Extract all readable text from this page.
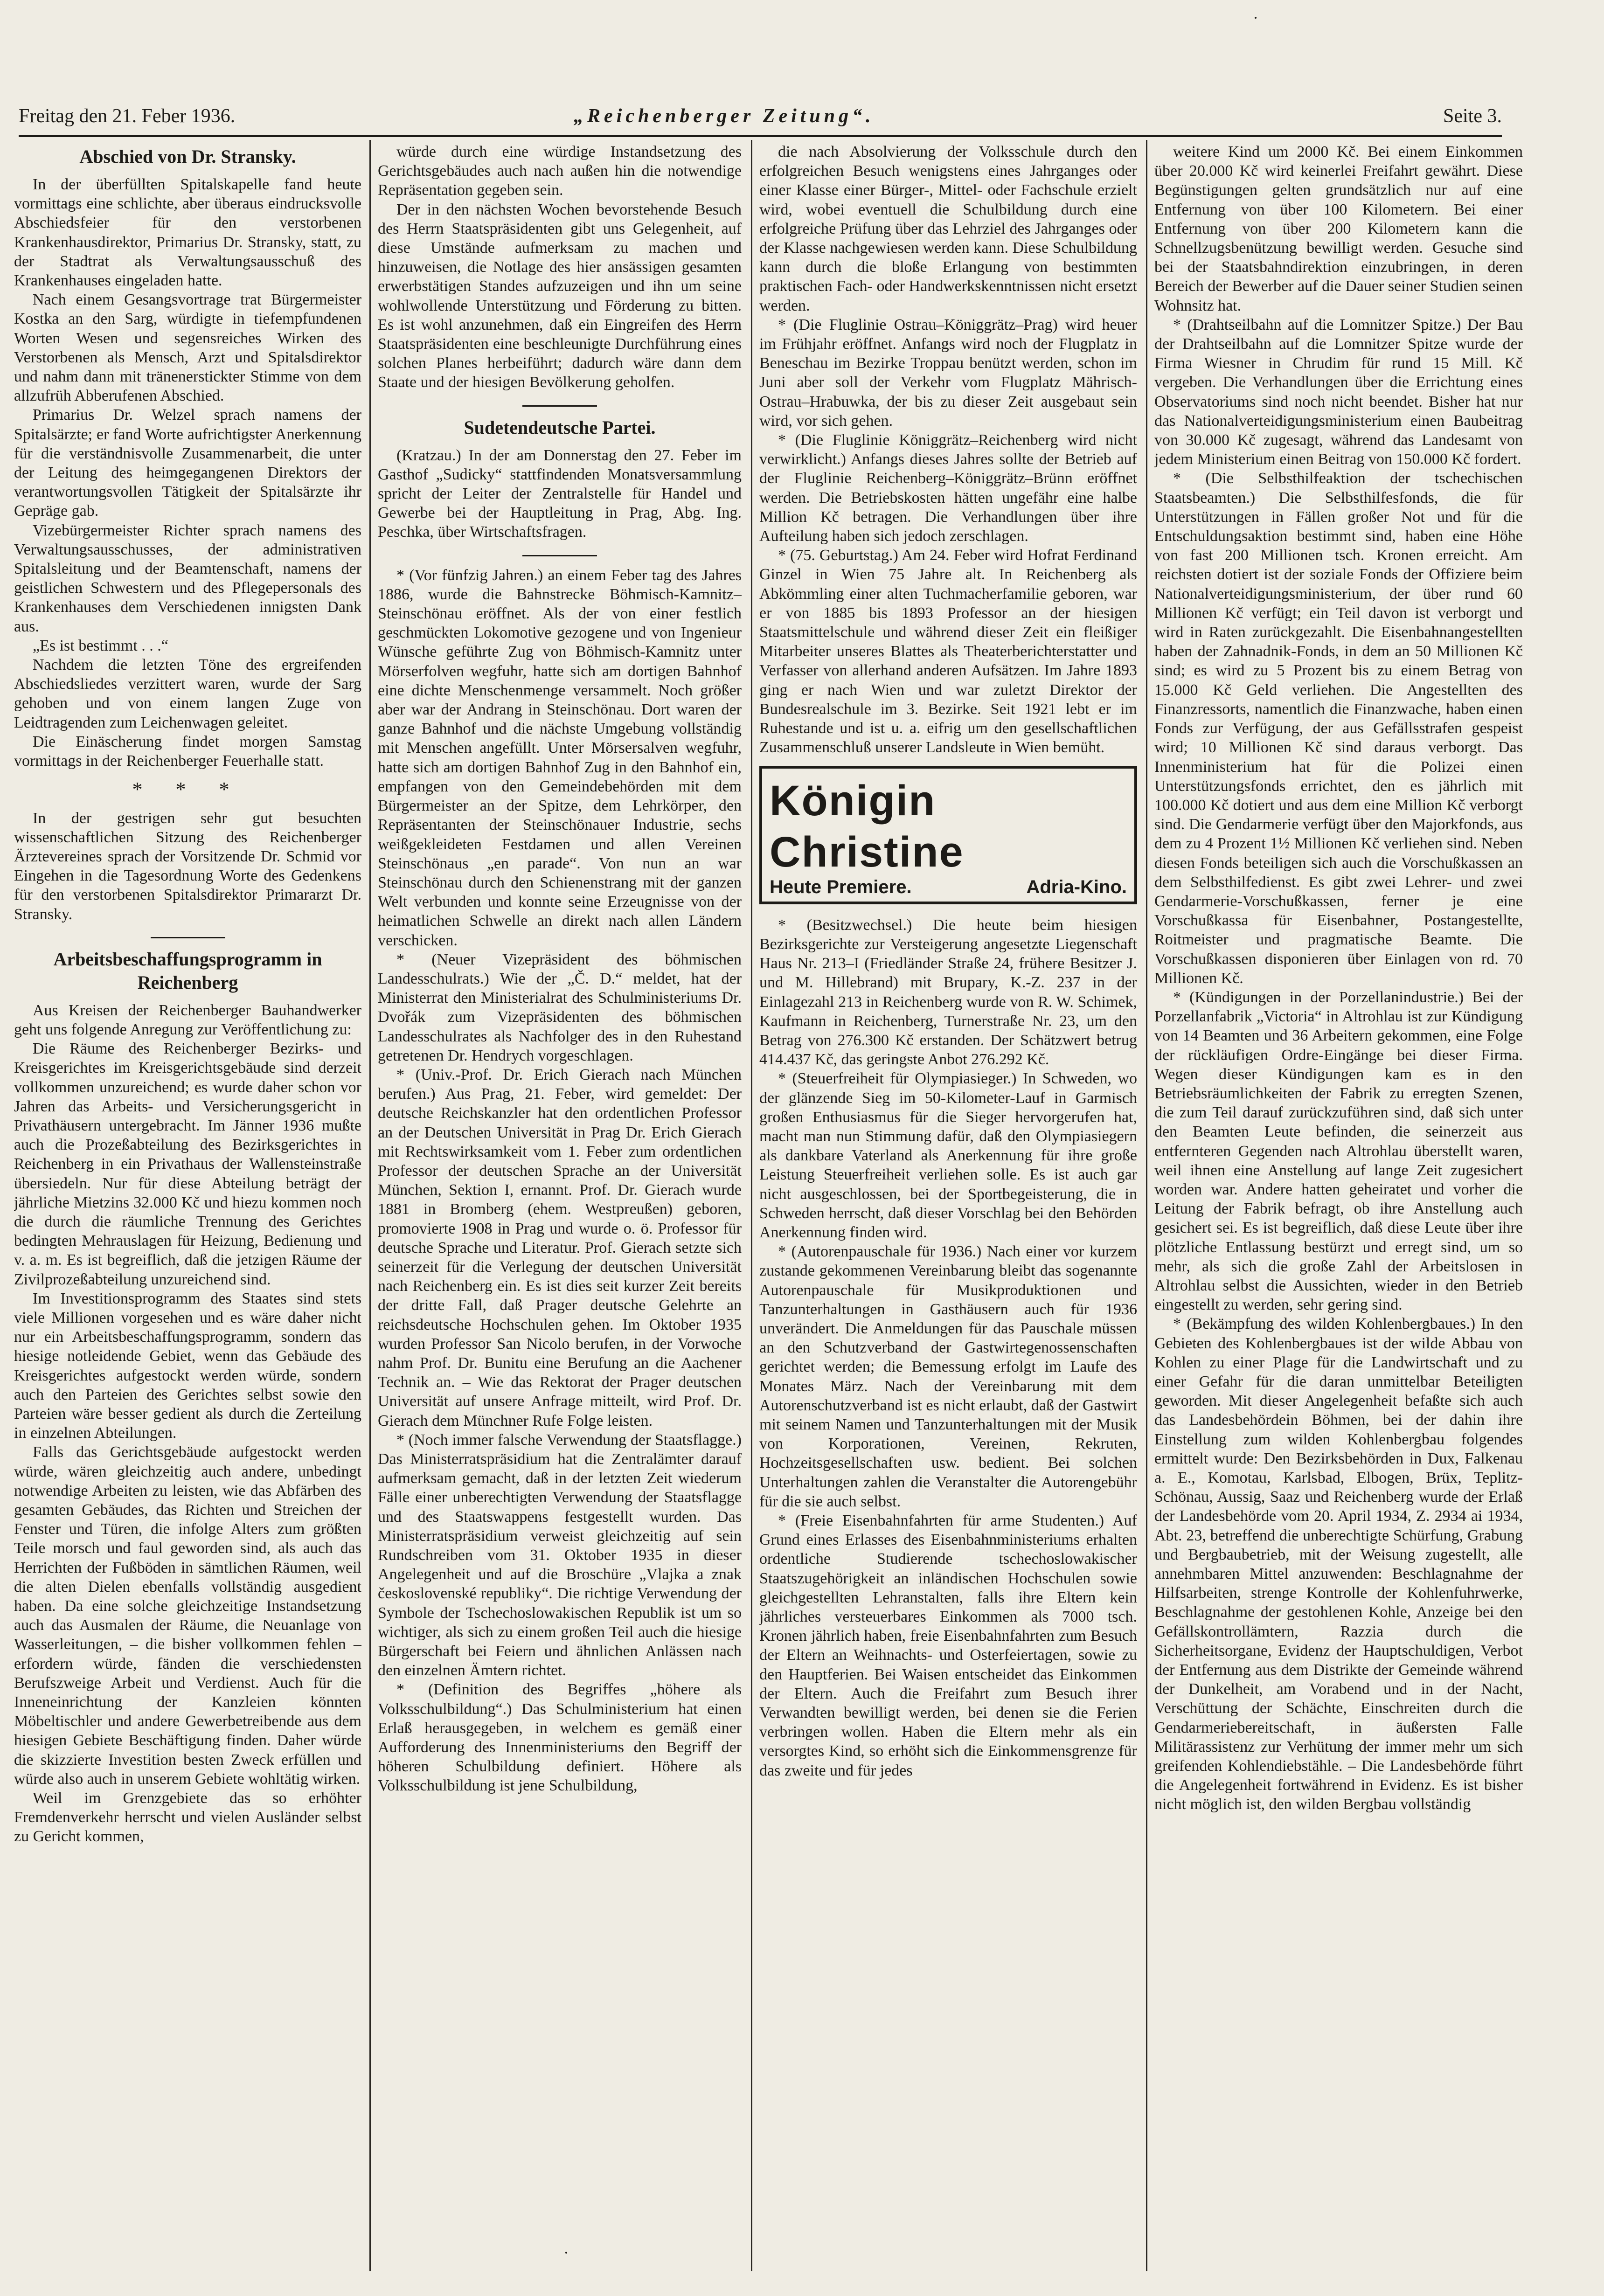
Freitag den 21. Feber 1936.	„Reichenberger Zeitung“.	Seite 3.

Abschied von Dr. Stransky.

In der überfüllten Spitalskapelle fand heute vormittags eine schlichte, aber überaus eindrucksvolle Abschiedsfeier für den verstorbenen Krankenhausdirektor, Primarius Dr. Stransky, statt, zu der Stadtrat als Verwaltungsausschuß des Krankenhauses eingeladen hatte.

Nach einem Gesangsvortrage trat Bürgermeister Kostka an den Sarg, würdigte in tiefempfundenen Worten Wesen und segensreiches Wirken des Verstorbenen als Mensch, Arzt und Spitalsdirektor und nahm dann mit tränenerstickter Stimme von dem allzufrüh Abberufenen Abschied.

Primarius Dr. Welzel sprach namens der Spitalsärzte; er fand Worte aufrichtigster Anerkennung für die verständnisvolle Zusammenarbeit, die unter der Leitung des heimgegangenen Direktors der verantwortungsvollen Tätigkeit der Spitalsärzte ihr Gepräge gab.

Vizebürgermeister Richter sprach namens des Verwaltungsausschusses, der administrativen Spitalsleitung und der Beamtenschaft, namens der geistlichen Schwestern und des Pflegepersonals des Krankenhauses dem Verschiedenen innigsten Dank aus.

„Es ist bestimmt . . .“

Nachdem die letzten Töne des ergreifenden Abschiedsliedes verzittert waren, wurde der Sarg gehoben und von einem langen Zuge von Leidtragenden zum Leichenwagen geleitet.

Die Einäscherung findet morgen Samstag vormittags in der Reichenberger Feuerhalle statt.

* * *

In der gestrigen sehr gut besuchten wissenschaftlichen Sitzung des Reichenberger Ärztevereines sprach der Vorsitzende Dr. Schmid vor Eingehen in die Tagesordnung Worte des Gedenkens für den verstorbenen Spitalsdirektor Primararzt Dr. Stransky.

Arbeitsbeschaffungsprogramm in Reichenberg

Aus Kreisen der Reichenberger Bauhandwerker geht uns folgende Anregung zur Veröffentlichung zu:

Die Räume des Reichenberger Bezirks- und Kreisgerichtes im Kreisgerichtsgebäude sind derzeit vollkommen unzureichend; es wurde daher schon vor Jahren das Arbeits- und Versicherungsgericht in Privathäusern untergebracht. Im Jänner 1936 mußte auch die Prozeßabteilung des Bezirksgerichtes in Reichenberg in ein Privathaus der Wallensteinstraße übersiedeln. Nur für diese Abteilung beträgt der jährliche Mietzins 32.000 Kč und hiezu kommen noch die durch die räumliche Trennung des Gerichtes bedingten Mehrauslagen für Heizung, Bedienung und v. a. m. Es ist begreiflich, daß die jetzigen Räume der Zivilprozeßabteilung unzureichend sind.

Im Investitionsprogramm des Staates sind stets viele Millionen vorgesehen und es wäre daher nicht nur ein Arbeitsbeschaffungsprogramm, sondern das hiesige notleidende Gebiet, wenn das Gebäude des Kreisgerichtes aufgestockt werden würde, sondern auch den Parteien des Gerichtes selbst sowie den Parteien wäre besser gedient als durch die Zerteilung in einzelnen Abteilungen.

Falls das Gerichtsgebäude aufgestockt werden würde, wären gleichzeitig auch andere, unbedingt notwendige Arbeiten zu leisten, wie das Abfärben des gesamten Gebäudes, das Richten und Streichen der Fenster und Türen, die infolge Alters zum größten Teile morsch und faul geworden sind, als auch das Herrichten der Fußböden in sämtlichen Räumen, weil die alten Dielen ebenfalls vollständig ausgedient haben. Da eine solche gleichzeitige Instandsetzung auch das Ausmalen der Räume, die Neuanlage von Wasserleitungen, – die bisher vollkommen fehlen – erfordern würde, fänden die verschiedensten Berufszweige Arbeit und Verdienst. Auch für die Inneneinrichtung der Kanzleien könnten Möbeltischler und andere Gewerbetreibende aus dem hiesigen Gebiete Beschäftigung finden. Daher würde die skizzierte Investition besten Zweck erfüllen und würde also auch in unserem Gebiete wohltätig wirken.

Weil im Grenzgebiete das so erhöhter Fremdenverkehr herrscht und vielen Ausländer selbst zu Gericht kommen,

würde durch eine würdige Instandsetzung des Gerichtsgebäudes auch nach außen hin die notwendige Repräsentation gegeben sein.

Der in den nächsten Wochen bevorstehende Besuch des Herrn Staatspräsidenten gibt uns Gelegenheit, auf diese Umstände aufmerksam zu machen und hinzuweisen, die Notlage des hier ansässigen gesamten erwerbstätigen Standes aufzuzeigen und ihn um seine wohlwollende Unterstützung und Förderung zu bitten. Es ist wohl anzunehmen, daß ein Eingreifen des Herrn Staatspräsidenten eine beschleunigte Durchführung eines solchen Planes herbeiführt; dadurch wäre dann dem Staate und der hiesigen Bevölkerung geholfen.

Sudetendeutsche Partei.

(Kratzau.) In der am Donnerstag den 27. Feber im Gasthof „Sudicky“ stattfindenden Monatsversammlung spricht der Leiter der Zentralstelle für Handel und Gewerbe bei der Hauptleitung in Prag, Abg. Ing. Peschka, über Wirtschaftsfragen.

* (Vor fünfzig Jahren.) an einem Feber tag des Jahres 1886, wurde die Bahnstrecke Böhmisch-Kamnitz–Steinschönau eröffnet. Als der von einer festlich geschmückten Lokomotive gezogene und von Ingenieur Wünsche geführte Zug von Böhmisch-Kamnitz unter Mörserfolven wegfuhr, hatte sich am dortigen Bahnhof eine dichte Menschenmenge versammelt. Noch größer aber war der Andrang in Steinschönau. Dort waren der ganze Bahnhof und die nächste Umgebung vollständig mit Menschen angefüllt. Unter Mörsersalven wegfuhr, hatte sich am dortigen Bahnhof Zug in den Bahnhof ein, empfangen von den Gemeindebehörden mit dem Bürgermeister an der Spitze, dem Lehrkörper, den Repräsentanten der Steinschönauer Industrie, sechs weißgekleideten Festdamen und allen Vereinen Steinschönaus „en parade“. Von nun an war Steinschönau durch den Schienenstrang mit der ganzen Welt verbunden und konnte seine Erzeugnisse von der heimatlichen Schwelle an direkt nach allen Ländern verschicken.

* (Neuer Vizepräsident des böhmischen Landesschulrats.) Wie der „Č. D.“ meldet, hat der Ministerrat den Ministerialrat des Schulministeriums Dr. Dvořák zum Vizepräsidenten des böhmischen Landesschulrates als Nachfolger des in den Ruhestand getretenen Dr. Hendrych vorgeschlagen.

* (Univ.-Prof. Dr. Erich Gierach nach München berufen.) Aus Prag, 21. Feber, wird gemeldet: Der deutsche Reichskanzler hat den ordentlichen Professor an der Deutschen Universität in Prag Dr. Erich Gierach mit Rechtswirksamkeit vom 1. Feber zum ordentlichen Professor der deutschen Sprache an der Universität München, Sektion I, ernannt. Prof. Dr. Gierach wurde 1881 in Bromberg (ehem. Westpreußen) geboren, promovierte 1908 in Prag und wurde o. ö. Professor für deutsche Sprache und Literatur. Prof. Gierach setzte sich seinerzeit für die Verlegung der deutschen Universität nach Reichenberg ein. Es ist dies seit kurzer Zeit bereits der dritte Fall, daß Prager deutsche Gelehrte an reichsdeutsche Hochschulen gehen. Im Oktober 1935 wurden Professor San Nicolo berufen, in der Vorwoche nahm Prof. Dr. Bunitu eine Berufung an die Aachener Technik an. – Wie das Rektorat der Prager deutschen Universität auf unsere Anfrage mitteilt, wird Prof. Dr. Gierach dem Münchner Rufe Folge leisten.

* (Noch immer falsche Verwendung der Staatsflagge.) Das Ministerratspräsidium hat die Zentralämter darauf aufmerksam gemacht, daß in der letzten Zeit wiederum Fälle einer unberechtigten Verwendung der Staatsflagge und des Staatswappens festgestellt wurden. Das Ministerratspräsidium verweist gleichzeitig auf sein Rundschreiben vom 31. Oktober 1935 in dieser Angelegenheit und auf die Broschüre „Vlajka a znak československé republiky“. Die richtige Verwendung der Symbole der Tschechoslowakischen Republik ist um so wichtiger, als sich zu einem großen Teil auch die hiesige Bürgerschaft bei Feiern und ähnlichen Anlässen nach den einzelnen Ämtern richtet.

* (Definition des Begriffes „höhere als Volksschulbildung“.) Das Schulministerium hat einen Erlaß herausgegeben, in welchem es gemäß einer Aufforderung des Innenministeriums den Begriff der höheren Schulbildung definiert. Höhere als Volksschulbildung ist jene Schulbildung,

die nach Absolvierung der Volksschule durch den erfolgreichen Besuch wenigstens eines Jahrganges oder einer Klasse einer Bürger-, Mittel- oder Fachschule erzielt wird, wobei eventuell die Schulbildung durch eine erfolgreiche Prüfung über das Lehrziel des Jahrganges oder der Klasse nachgewiesen werden kann. Diese Schulbildung kann durch die bloße Erlangung von bestimmten praktischen Fach- oder Handwerkskenntnissen nicht ersetzt werden.

* (Die Fluglinie Ostrau–Königgrätz–Prag) wird heuer im Frühjahr eröffnet. Anfangs wird noch der Flugplatz in Beneschau im Bezirke Troppau benützt werden, schon im Juni aber soll der Verkehr vom Flugplatz Mährisch-Ostrau–Hrabuwka, der bis zu dieser Zeit ausgebaut sein wird, vor sich gehen.

* (Die Fluglinie Königgrätz–Reichenberg wird nicht verwirklicht.) Anfangs dieses Jahres sollte der Betrieb auf der Fluglinie Reichenberg–Königgrätz–Brünn eröffnet werden. Die Betriebskosten hätten ungefähr eine halbe Million Kč betragen. Die Verhandlungen über ihre Aufteilung haben sich jedoch zerschlagen.

* (75. Geburtstag.) Am 24. Feber wird Hofrat Ferdinand Ginzel in Wien 75 Jahre alt. In Reichenberg als Abkömmling einer alten Tuchmacherfamilie geboren, war er von 1885 bis 1893 Professor an der hiesigen Staatsmittelschule und während dieser Zeit ein fleißiger Mitarbeiter unseres Blattes als Theaterberichterstatter und Verfasser von allerhand anderen Aufsätzen. Im Jahre 1893 ging er nach Wien und war zuletzt Direktor der Bundesrealschule im 3. Bezirke. Seit 1921 lebt er im Ruhestande und ist u. a. eifrig um den gesellschaftlichen Zusammenschluß unserer Landsleute in Wien bemüht.

Königin Christine
Heute Premiere.	Adria-Kino.

* (Besitzwechsel.) Die heute beim hiesigen Bezirksgerichte zur Versteigerung angesetzte Liegenschaft Haus Nr. 213–I (Friedländer Straße 24, frühere Besitzer J. und M. Hillebrand) mit Brupary, K.-Z. 237 in der Einlagezahl 213 in Reichenberg wurde von R. W. Schimek, Kaufmann in Reichenberg, Turnerstraße Nr. 23, um den Betrag von 276.300 Kč erstanden. Der Schätzwert betrug 414.437 Kč, das geringste Anbot 276.292 Kč.

* (Steuerfreiheit für Olympiasieger.) In Schweden, wo der glänzende Sieg im 50-Kilometer-Lauf in Garmisch großen Enthusiasmus für die Sieger hervorgerufen hat, macht man nun Stimmung dafür, daß den Olympiasiegern als dankbare Vaterland als Anerkennung für ihre große Leistung Steuerfreiheit verliehen solle. Es ist auch gar nicht ausgeschlossen, bei der Sportbegeisterung, die in Schweden herrscht, daß dieser Vorschlag bei den Behörden Anerkennung finden wird.

* (Autorenpauschale für 1936.) Nach einer vor kurzem zustande gekommenen Vereinbarung bleibt das sogenannte Autorenpauschale für Musikproduktionen und Tanzunterhaltungen in Gasthäusern auch für 1936 unverändert. Die Anmeldungen für das Pauschale müssen an den Schutzverband der Gastwirtegenossenschaften gerichtet werden; die Bemessung erfolgt im Laufe des Monates März. Nach der Vereinbarung mit dem Autorenschutzverband ist es nicht erlaubt, daß der Gastwirt mit seinem Namen und Tanzunterhaltungen mit der Musik von Korporationen, Vereinen, Rekruten, Hochzeitsgesellschaften usw. bedient. Bei solchen Unterhaltungen zahlen die Veranstalter die Autorengebühr für die sie auch selbst.

* (Freie Eisenbahnfahrten für arme Studenten.) Auf Grund eines Erlasses des Eisenbahnministeriums erhalten ordentliche Studierende tschechoslowakischer Staatszugehörigkeit an inländischen Hochschulen sowie gleichgestellten Lehranstalten, falls ihre Eltern kein jährliches versteuerbares Einkommen als 7000 tsch. Kronen jährlich haben, freie Eisenbahnfahrten zum Besuch der Eltern an Weihnachts- und Osterfeiertagen, sowie zu den Hauptferien. Bei Waisen entscheidet das Einkommen der Eltern. Auch die Freifahrt zum Besuch ihrer Verwandten bewilligt werden, bei denen sie die Ferien verbringen wollen. Haben die Eltern mehr als ein versorgtes Kind, so erhöht sich die Einkommensgrenze für das zweite und für jedes

weitere Kind um 2000 Kč. Bei einem Einkommen über 20.000 Kč wird keinerlei Freifahrt gewährt. Diese Begünstigungen gelten grundsätzlich nur auf eine Entfernung von über 100 Kilometern. Bei einer Entfernung von über 200 Kilometern kann die Schnellzugsbenützung bewilligt werden. Gesuche sind bei der Staatsbahndirektion einzubringen, in deren Bereich der Bewerber auf die Dauer seiner Studien seinen Wohnsitz hat.

* (Drahtseilbahn auf die Lomnitzer Spitze.) Der Bau der Drahtseilbahn auf die Lomnitzer Spitze wurde der Firma Wiesner in Chrudim für rund 15 Mill. Kč vergeben. Die Verhandlungen über die Errichtung eines Observatoriums sind noch nicht beendet. Bisher hat nur das Nationalverteidigungsministerium einen Baubeitrag von 30.000 Kč zugesagt, während das Landesamt von jedem Ministerium einen Beitrag von 150.000 Kč fordert.

* (Die Selbsthilfeaktion der tschechischen Staatsbeamten.) Die Selbsthilfesfonds, die für Unterstützungen in Fällen großer Not und für die Entschuldungsaktion bestimmt sind, haben eine Höhe von fast 200 Millionen tsch. Kronen erreicht. Am reichsten dotiert ist der soziale Fonds der Offiziere beim Nationalverteidigungsministerium, der über rund 60 Millionen Kč verfügt; ein Teil davon ist verborgt und wird in Raten zurückgezahlt. Die Eisenbahnangestellten haben der Zahnadnik-Fonds, in dem an 50 Millionen Kč sind; es wird zu 5 Prozent bis zu einem Betrag von 15.000 Kč Geld verliehen. Die Angestellten des Finanzressorts, namentlich die Finanzwache, haben einen Fonds zur Verfügung, der aus Gefällsstrafen gespeist wird; 10 Millionen Kč sind daraus verborgt. Das Innenministerium hat für die Polizei einen Unterstützungsfonds errichtet, den es jährlich mit 100.000 Kč dotiert und aus dem eine Million Kč verborgt sind. Die Gendarmerie verfügt über den Majorkfonds, aus dem zu 4 Prozent 1½ Millionen Kč verliehen sind. Neben diesen Fonds beteiligen sich auch die Vorschußkassen an dem Selbsthilfedienst. Es gibt zwei Lehrer- und zwei Gendarmerie-Vorschußkassen, ferner je eine Vorschußkassa für Eisenbahner, Postangestellte, Roitmeister und pragmatische Beamte. Die Vorschußkassen disponieren über Einlagen von rd. 70 Millionen Kč.

* (Kündigungen in der Porzellanindustrie.) Bei der Porzellanfabrik „Victoria“ in Altrohlau ist zur Kündigung von 14 Beamten und 36 Arbeitern gekommen, eine Folge der rückläufigen Ordre-Eingänge bei dieser Firma. Wegen dieser Kündigungen kam es in den Betriebsräumlichkeiten der Fabrik zu erregten Szenen, die zum Teil darauf zurückzuführen sind, daß sich unter den Beamten Leute befinden, die seinerzeit aus entfernteren Gegenden nach Altrohlau überstellt waren, weil ihnen eine Anstellung auf lange Zeit zugesichert worden war. Andere hatten geheiratet und vorher die Leitung der Fabrik befragt, ob ihre Anstellung auch gesichert sei. Es ist begreiflich, daß diese Leute über ihre plötzliche Entlassung bestürzt und erregt sind, um so mehr, als sich die große Zahl der Arbeitslosen in Altrohlau selbst die Aussichten, wieder in den Betrieb eingestellt zu werden, sehr gering sind.

* (Bekämpfung des wilden Kohlenbergbaues.) In den Gebieten des Kohlenbergbaues ist der wilde Abbau von Kohlen zu einer Plage für die Landwirtschaft und zu einer Gefahr für die daran unmittelbar Beteiligten geworden. Mit dieser Angelegenheit befaßte sich auch das Landesbehördein Böhmen, bei der dahin ihre Einstellung zum wilden Kohlenbergbau folgendes ermittelt wurde: Den Bezirksbehörden in Dux, Falkenau a. E., Komotau, Karlsbad, Elbogen, Brüx, Teplitz-Schönau, Aussig, Saaz und Reichenberg wurde der Erlaß der Landesbehörde vom 20. April 1934, Z. 2934 ai 1934, Abt. 23, betreffend die unberechtigte Schürfung, Grabung und Bergbaubetrieb, mit der Weisung zugestellt, alle annehmbaren Mittel anzuwenden: Beschlagnahme der Hilfsarbeiten, strenge Kontrolle der Kohlenfuhrwerke, Beschlagnahme der gestohlenen Kohle, Anzeige bei den Gefällskontrollämtern, Razzia durch die Sicherheitsorgane, Evidenz der Hauptschuldigen, Verbot der Entfernung aus dem Distrikte der Gemeinde während der Dunkelheit, am Vorabend und in der Nacht, Verschüttung der Schächte, Einschreiten durch die Gendarmeriebereitschaft, in äußersten Falle Militärassistenz zur Verhütung der immer mehr um sich greifenden Kohlendiebstähle. – Die Landesbehörde führt die Angelegenheit fortwährend in Evidenz. Es ist bisher nicht möglich ist, den wilden Bergbau vollständig
